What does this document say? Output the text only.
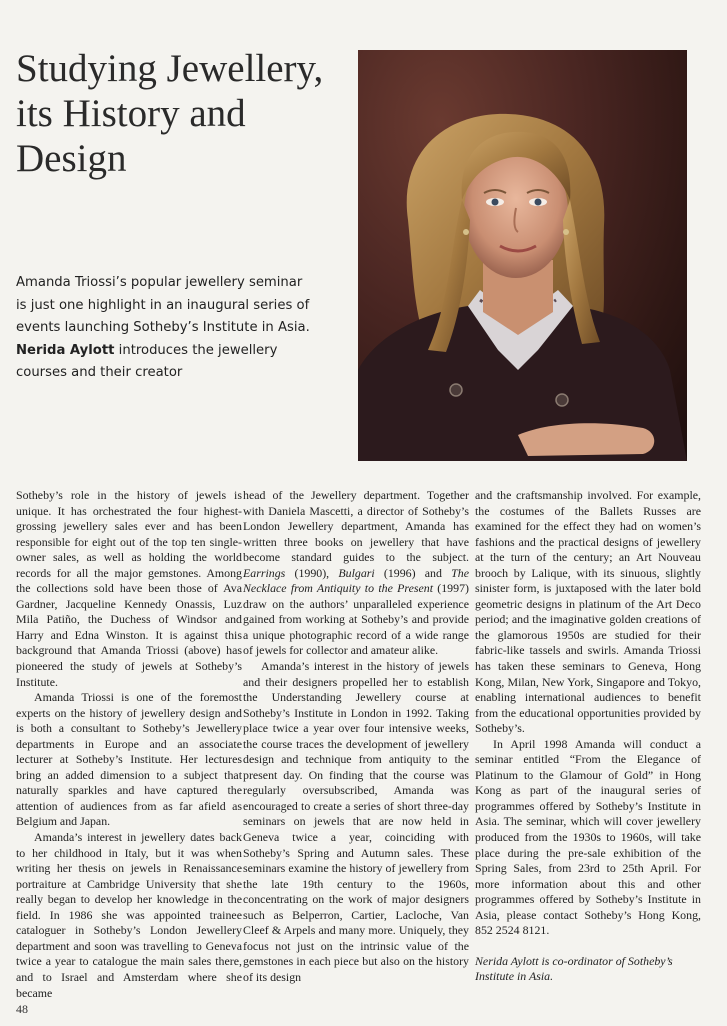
Studying Jewellery,
its History and
Design
Amanda Triossi’s popular jewellery seminar is just one highlight in an inaugural series of events launching Sotheby’s Institute in Asia. Nerida Aylott introduces the jewellery courses and their creator

Sotheby’s role in the history of jewels is unique. It has orchestrated the four highest-grossing jewellery sales ever and has been responsible for eight out of the top ten single-owner sales, as well as holding the world records for all the major gemstones. Among the collections sold have been those of Ava Gardner, Jacqueline Kennedy Onassis, Luz Mila Patiño, the Duchess of Windsor and Harry and Edna Winston. It is against this background that Amanda Triossi (above) has pioneered the study of jewels at Sotheby’s Institute.

Amanda Triossi is one of the foremost experts on the history of jewellery design and is both a consultant to Sotheby’s Jewellery departments in Europe and an associate lecturer at Sotheby’s Institute. Her lectures bring an added dimension to a subject that naturally sparkles and have captured the attention of audiences from as far afield as Belgium and Japan.

Amanda’s interest in jewellery dates back to her childhood in Italy, but it was when writing her thesis on jewels in Renaissance portraiture at Cambridge University that she really began to develop her knowledge in the field. In 1986 she was appointed trainee cataloguer in Sotheby’s London Jewellery department and soon was travelling to Geneva twice a year to catalogue the main sales there, and to Israel and Amsterdam where she became

head of the Jewellery department. Together with Daniela Mascetti, a director of Sotheby’s London Jewellery department, Amanda has written three books on jewellery that have become standard guides to the subject. Earrings (1990), Bulgari (1996) and The Necklace from Antiquity to the Present (1997) draw on the authors’ unparalleled experience gained from working at Sotheby’s and provide a unique photographic record of a wide range of jewels for collector and amateur alike.

Amanda’s interest in the history of jewels and their designers propelled her to establish the Understanding Jewellery course at Sotheby’s Institute in London in 1992. Taking place twice a year over four intensive weeks, the course traces the development of jewellery design and technique from antiquity to the present day. On finding that the course was regularly oversubscribed, Amanda was encouraged to create a series of short three-day seminars on jewels that are now held in Geneva twice a year, coinciding with Sotheby’s Spring and Autumn sales. These seminars examine the history of jewellery from the late 19th century to the 1960s, concentrating on the work of major designers such as Belperron, Cartier, Lacloche, Van Cleef & Arpels and many more. Uniquely, they focus not just on the intrinsic value of the gemstones in each piece but also on the history of its design

and the craftsmanship involved. For example, the costumes of the Ballets Russes are examined for the effect they had on women’s fashions and the practical designs of jewellery at the turn of the century; an Art Nouveau brooch by Lalique, with its sinuous, slightly sinister form, is juxtaposed with the later bold geometric designs in platinum of the Art Deco period; and the imaginative golden creations of the glamorous 1950s are studied for their fabric-like tassels and swirls. Amanda Triossi has taken these seminars to Geneva, Hong Kong, Milan, New York, Singapore and Tokyo, enabling international audiences to benefit from the educational opportunities provided by Sotheby’s.

In April 1998 Amanda will conduct a seminar entitled “From the Elegance of Platinum to the Glamour of Gold” in Hong Kong as part of the inaugural series of programmes offered by Sotheby’s Institute in Asia. The seminar, which will cover jewellery produced from the 1930s to 1960s, will take place during the pre-sale exhibition of the Spring Sales, from 23rd to 25th April. For more information about this and other programmes offered by Sotheby’s Institute in Asia, please contact Sotheby’s Hong Kong, 852 2524 8121.

Nerida Aylott is co-ordinator of Sotheby’s Institute in Asia.

48
